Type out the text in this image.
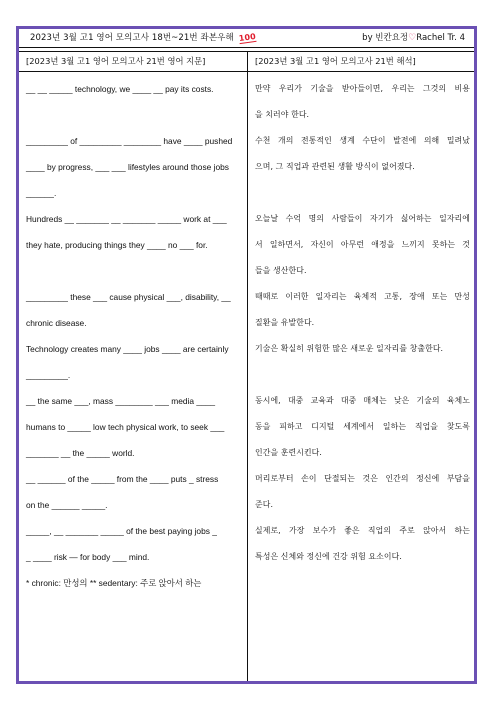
2023년 3월 고1 영어 모의고사 18번~21번 좌본우해 100	by 빈칸요정♡Rachel Tr. 4
[2023년 3월 고1 영어 모의고사 21번 영어 지문]	[2023년 3월 고1 영어 모의고사 21번 해석]
__ __ _____ technology, we ____ __ pay its costs.
_________ of _________ ________ have ____ pushed
____ by progress, ___ ___ lifestyles around those jobs
______.
Hundreds __ _______ __ _______ _____ work at ___
they hate, producing things they ____ no ___ for.
_________ these ___ cause physical ___, disability, __
chronic disease.
Technology creates many ____ jobs ____ are certainly
_________.
__ the same ___, mass ________ ___ media ____
humans to _____ low tech physical work, to seek ___
_______ __ the _____ world.
__ ______ of the _____ from the ____ puts _ stress
on the ______ _____.
_____, __ _______ _____ of the best paying jobs _
_ ____ risk — for body ___ mind.
* chronic: 만성의 ** sedentary: 주로 앉아서 하는
만약 우리가 기술을 받아들이면, 우리는 그것의 비용
을 치러야 한다.
수천 개의 전통적인 생계 수단이 발전에 의해 밀려났
으며, 그 직업과 관련된 생활 방식이 없어졌다.
오늘날 수억 명의 사람들이 자기가 싫어하는 일자리에
서 일하면서, 자신이 아무런 애정을 느끼지 못하는 것
들을 생산한다.
때때로 이러한 일자리는 육체적 고통, 장애 또는 만성
질환을 유발한다.
기술은 확실히 위험한 많은 새로운 일자리를 창출한다.
동시에, 대중 교육과 대중 매체는 낮은 기술의 육체노
동을 피하고 디지털 세계에서 일하는 직업을 찾도록
인간을 훈련시킨다.
머리로부터 손이 단절되는 것은 인간의 정신에 부담을
준다.
실제로, 가장 보수가 좋은 직업의 주로 앉아서 하는
특성은 신체와 정신에 건강 위험 요소이다.
